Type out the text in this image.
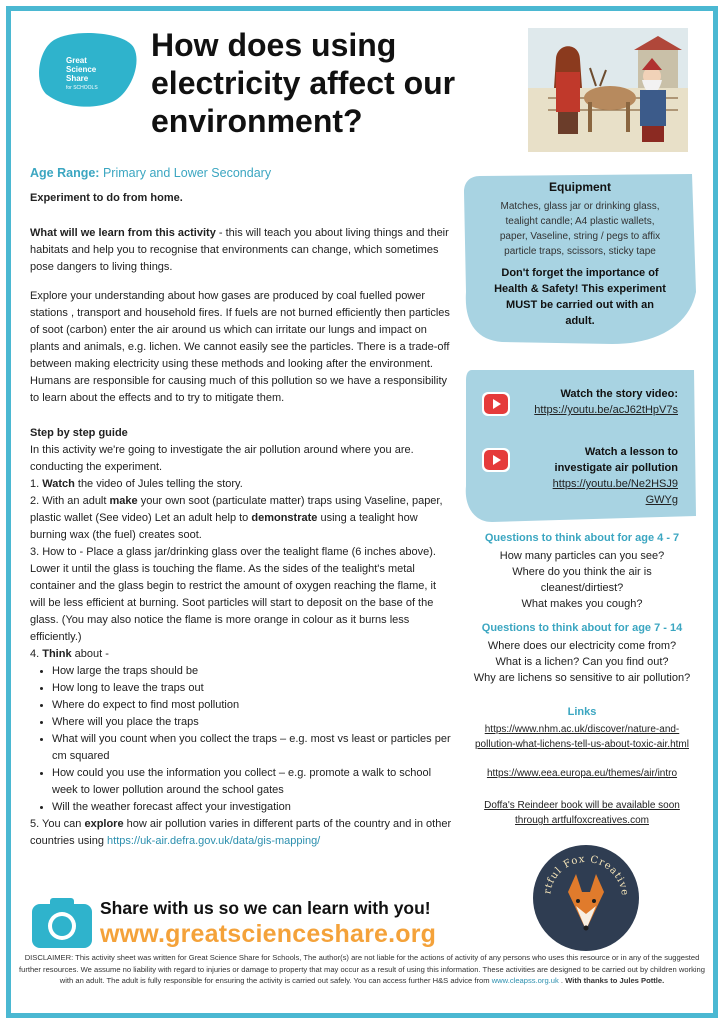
Great
Science
Share
for SCHOOLS
How does using electricity affect our environment?

Age Range: Primary and Lower Secondary

Experiment to do from home.

What will we learn from this activity - this will teach you about living things and their habitats and help you to recognise that environments can change, which sometimes pose dangers to living things.

Explore your understanding about how gases are produced by coal fuelled power stations , transport and household fires. If fuels are not burned efficiently then particles of soot (carbon) enter the air around us which can irritate our lungs and impact on plants and animals, e.g. lichen. We cannot easily see the particles. There is a trade-off between making electricity using these methods and looking after the environment. Humans are responsible for causing much of this pollution so we have a responsibility to learn about the effects and to try to mitigate them.

Step by step guide

In this activity we're going to investigate the air pollution around where you are. conducting the experiment.

1. Watch the video of Jules telling the story.

2. With an adult make your own soot (particulate matter) traps using Vaseline, paper, plastic wallet (See video) Let an adult help to demonstrate using a tealight how burning wax (the fuel) creates soot.

3. How to - Place a glass jar/drinking glass over the tealight flame (6 inches above). Lower it until the glass is touching the flame. As the sides of the tealight's metal container and the glass begin to restrict the amount of oxygen reaching the flame, it will be less efficient at burning. Soot particles will start to deposit on the base of the glass. (You may also notice the flame is more orange in colour as it burns less efficiently.)

4. Think about -

• How large the traps should be
• How long to leave the traps out
• Where do expect to find most pollution
• Where will you place the traps
• What will you count when you collect the traps – e.g. most vs least or particles per cm squared
• How could you use the information you collect – e.g. promote a walk to school week to lower pollution around the school gates
• Will the weather forecast affect your investigation

5. You can explore how air pollution varies in different parts of the country and in other countries using https://uk-air.defra.gov.uk/data/gis-mapping/

Equipment
Matches, glass jar or drinking glass, tealight candle; A4 plastic wallets, paper, Vaseline, string / pegs to affix particle traps, scissors, sticky tape
Don't forget the importance of Health & Safety! This experiment MUST be carried out with an adult.
Watch the story video:
https://youtu.be/acJ62tHpV7s
Watch a lesson to
investigate air pollution
https://youtu.be/Ne2HSJ9
GWYg
Questions to think about for age 4 - 7
How many particles can you see?
Where do you think the air is
cleanest/dirtiest?
What makes you cough?
Questions to think about for age 7 - 14
Where does our electricity come from?
What is a lichen? Can you find out?
Why are lichens so sensitive to air pollution?
Links
https://www.nhm.ac.uk/discover/nature-and-
pollution-what-lichens-tell-us-about-toxic-air.html
https://www.eea.europa.eu/themes/air/intro
Doffa's Reindeer book will be available soon
through artfulfoxcreatives.com
rtful Fox Creative
Share with us so we can learn with you!
www.greatscienceshare.org
DISCLAIMER: This activity sheet was written for Great Science Share for Schools, The author(s) are not liable for the actions of activity of any persons who uses this resource or in any of the suggested further resources. We assume no liability with regard to injuries or damage to property that may occur as a result of using this information. These activities are designed to be carried out by children working with an adult. The adult is fully responsible for ensuring the activity is carried out safely. You can access further H&S advice from www.cleapss.org.uk . With thanks to Jules Pottle.
